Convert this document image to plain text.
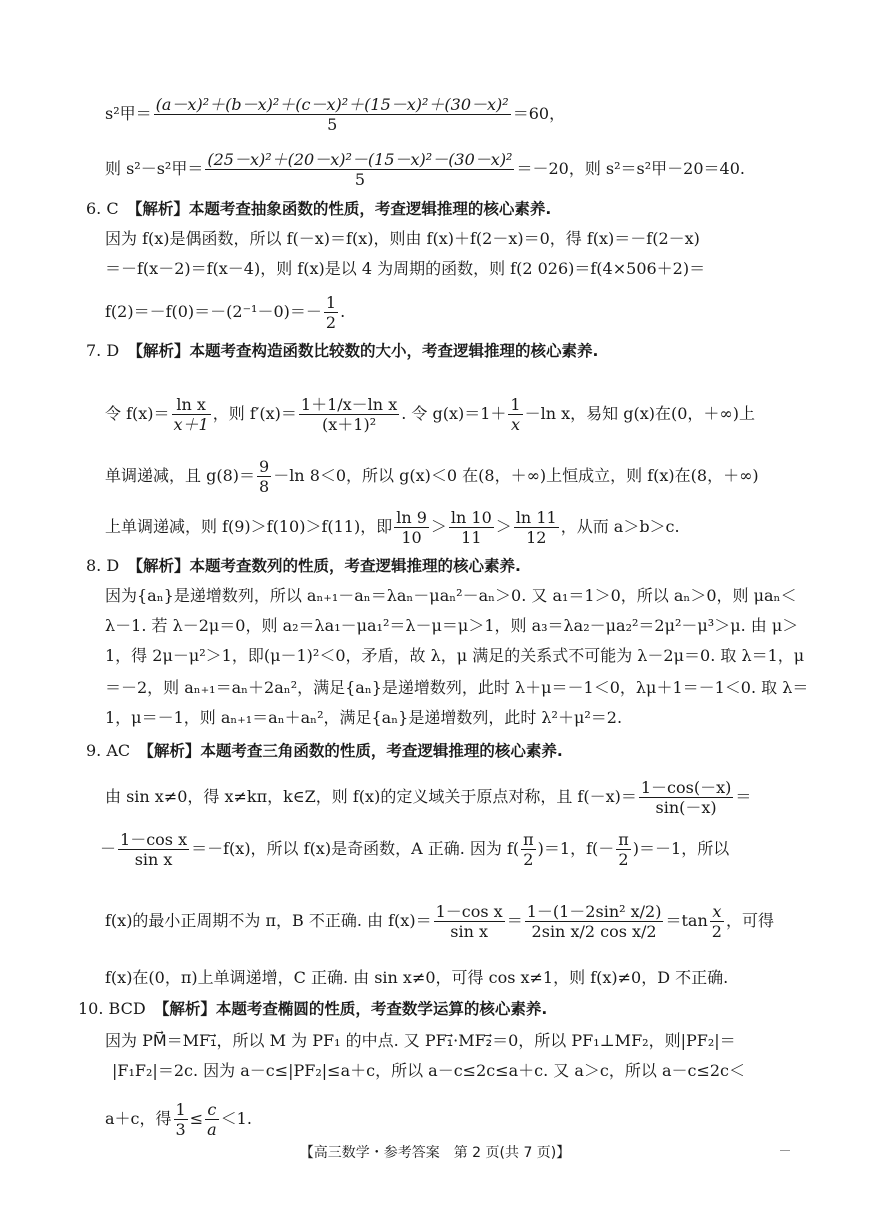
s²甲＝ $\frac{\text{(a－x)²＋(b－x)²＋(c－x)²＋(15－x)²＋(30－x)²}}{5} =60$，
则 s²－s²甲＝ $\frac{\text{(25－x)²＋(20－x)²－(15－x)²－(30－x)²}}{5} =-20$，则 s²＝s²甲－20＝40.
6. C　【解析】本题考查抽象函数的性质，考查逻辑推理的核心素养.
因为 f(x)是偶函数，所以 f(－x)＝f(x)，则由 f(x)＋f(2－x)＝0，得 f(x)＝－f(2－x)
＝－f(x－2)＝f(x－4)，则 f(x)是以 4 为周期的函数，则 f(2 026)＝f(4×506＋2)＝
$f(2)=-f(0)=-(2^{-1}-0)=- \frac{1}{2}$ .
7. D　【解析】本题考查构造函数比较数的大小，考查逻辑推理的核心素养.
令 $f(x)= \frac{\text{ln x}}{x+1}$ ，则 $f'(x)= \frac{\text{1＋1/x－ln x}}{\text{(x＋1)²}}$ . 令 $g(x)=1+ \frac{1}{x} -\ln$ x，易知 g(x)在(0，＋∞)上
单调递减，且 $g(8)= \frac{9}{8} -\ln$ 8＜0，所以 g(x)＜0 在(8，＋∞)上恒成立，则 f(x)在(8，＋∞)
上单调递减，则 f(9)＞f(10)＞f(11)，即 $\frac{\ln 9}{10} > \frac{\ln 10}{11} > \frac{\ln 11}{12}$ ，从而 a＞b＞c.
8. D　【解析】本题考查数列的性质，考查逻辑推理的核心素养.
因为{aₙ}是递增数列，所以 aₙ₊₁－aₙ＝λaₙ－μaₙ²－aₙ＞0. 又 a₁＝1＞0，所以 aₙ＞0，则 μaₙ＜
λ－1. 若 λ－2μ＝0，则 a₂＝λa₁－μa₁²＝λ－μ＝μ＞1，则 a₃＝λa₂－μa₂²＝2μ²－μ³＞μ. 由 μ＞
1，得 2μ－μ²＞1，即(μ－1)²＜0，矛盾，故 λ，μ 满足的关系式不可能为 λ－2μ＝0. 取 λ＝1，μ
＝－2，则 aₙ₊₁＝aₙ＋2aₙ²，满足{aₙ}是递增数列，此时 λ＋μ＝－1＜0，λμ＋1＝－1＜0. 取 λ＝
1，μ＝－1，则 aₙ₊₁＝aₙ＋aₙ²，满足{aₙ}是递增数列，此时 λ²＋μ²＝2.
9. AC　【解析】本题考查三角函数的性质，考查逻辑推理的核心素养.
由 sin x≠0，得 x≠kπ，k∈Z，则 f(x)的定义域关于原点对称，且 $f(-x)= \frac{1-\cos(-x)}{\sin(-x)}$ ＝
－ $\frac{\text{1－cos x}}{\text{sin x}} =-f(x)$，所以 f(x)是奇函数，A 正确. 因为 $f( \frac{\pi}{2} )=1$，$f(- \frac{\pi}{2} )=-1$，所以
f(x)的最小正周期不为 π，B 不正确. 由 $f(x)= \frac{\text{1－cos x}}{\text{sin x}} = \frac{\text{1－(1－2sin² x/2)}}{\text{2sin x/2 cos x/2}} =\tan \frac{x}{2}$ ，可得
f(x)在(0，π)上单调递增，C 正确. 由 sin x≠0，可得 cos x≠1，则 f(x)≠0，D 不正确.
10. BCD　【解析】本题考查椭圆的性质，考查数学运算的核心素养.
因为 PM⃗＝MF₁⃗，所以 M 为 PF₁ 的中点. 又 PF₁⃗·MF₂⃗＝0，所以 PF₁⊥MF₂，则|PF₂|＝
|F₁F₂|＝2c. 因为 a－c≤|PF₂|≤a＋c，所以 a－c≤2c≤a＋c. 又 a＞c，所以 a－c≤2c＜
a＋c，得 $\frac{1}{3} \le \frac{c}{a} <1$.
【高三数学・参考答案　第 2 页(共 7 页)】
